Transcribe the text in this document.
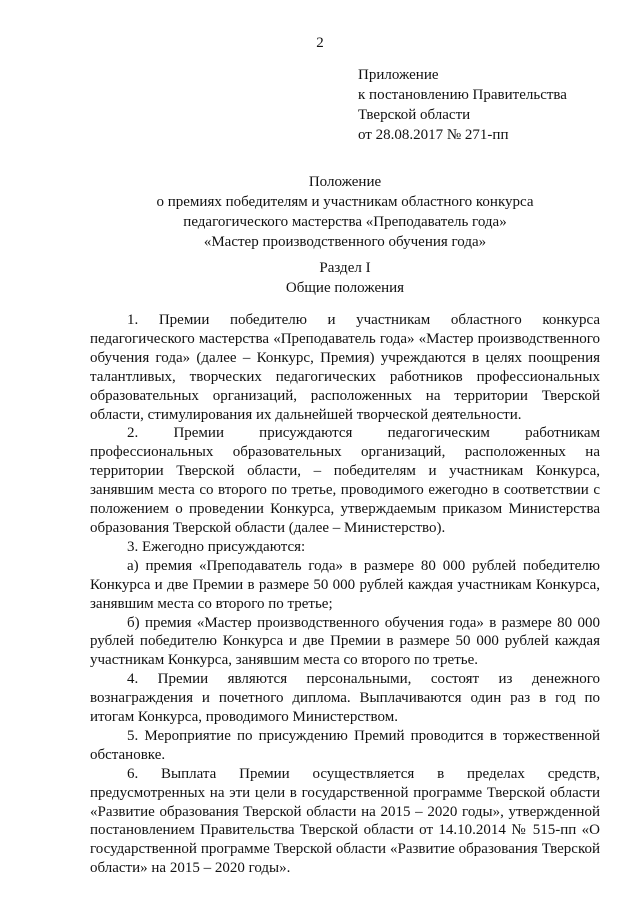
2
Приложение
к постановлению Правительства
Тверской области
от 28.08.2017 № 271-пп
Положение
о премиях победителям и участникам областного конкурса
педагогического мастерства «Преподаватель года»
«Мастер производственного обучения года»
Раздел I
Общие положения

1. Премии победителю и участникам областного конкурса педагогического мастерства «Преподаватель года» «Мастер производственного обучения года» (далее – Конкурс, Премия) учреждаются в целях поощрения талантливых, творческих педагогических работников профессиональных образовательных организаций, расположенных на территории Тверской области, стимулирования их дальнейшей творческой деятельности.

2. Премии присуждаются педагогическим работникам профессиональных образовательных организаций, расположенных на территории Тверской области, – победителям и участникам Конкурса, занявшим места со второго по третье, проводимого ежегодно в соответствии с положением о проведении Конкурса, утверждаемым приказом Министерства образования Тверской области (далее – Министерство).

3. Ежегодно присуждаются:

а) премия «Преподаватель года» в размере 80 000 рублей победителю Конкурса и две Премии в размере 50 000 рублей каждая участникам Конкурса, занявшим места со второго по третье;

б) премия «Мастер производственного обучения года» в размере 80 000 рублей победителю Конкурса и две Премии в размере 50 000 рублей каждая участникам Конкурса, занявшим места со второго по третье.

4. Премии являются персональными, состоят из денежного вознаграждения и почетного диплома. Выплачиваются один раз в год по итогам Конкурса, проводимого Министерством.

5. Мероприятие по присуждению Премий проводится в торжественной обстановке.

6. Выплата Премии осуществляется в пределах средств, предусмотренных на эти цели в государственной программе Тверской области «Развитие образования Тверской области на 2015 – 2020 годы», утвержденной постановлением Правительства Тверской области от 14.10.2014 № 515-пп «О государственной программе Тверской области «Развитие образования Тверской области» на 2015 – 2020 годы».
